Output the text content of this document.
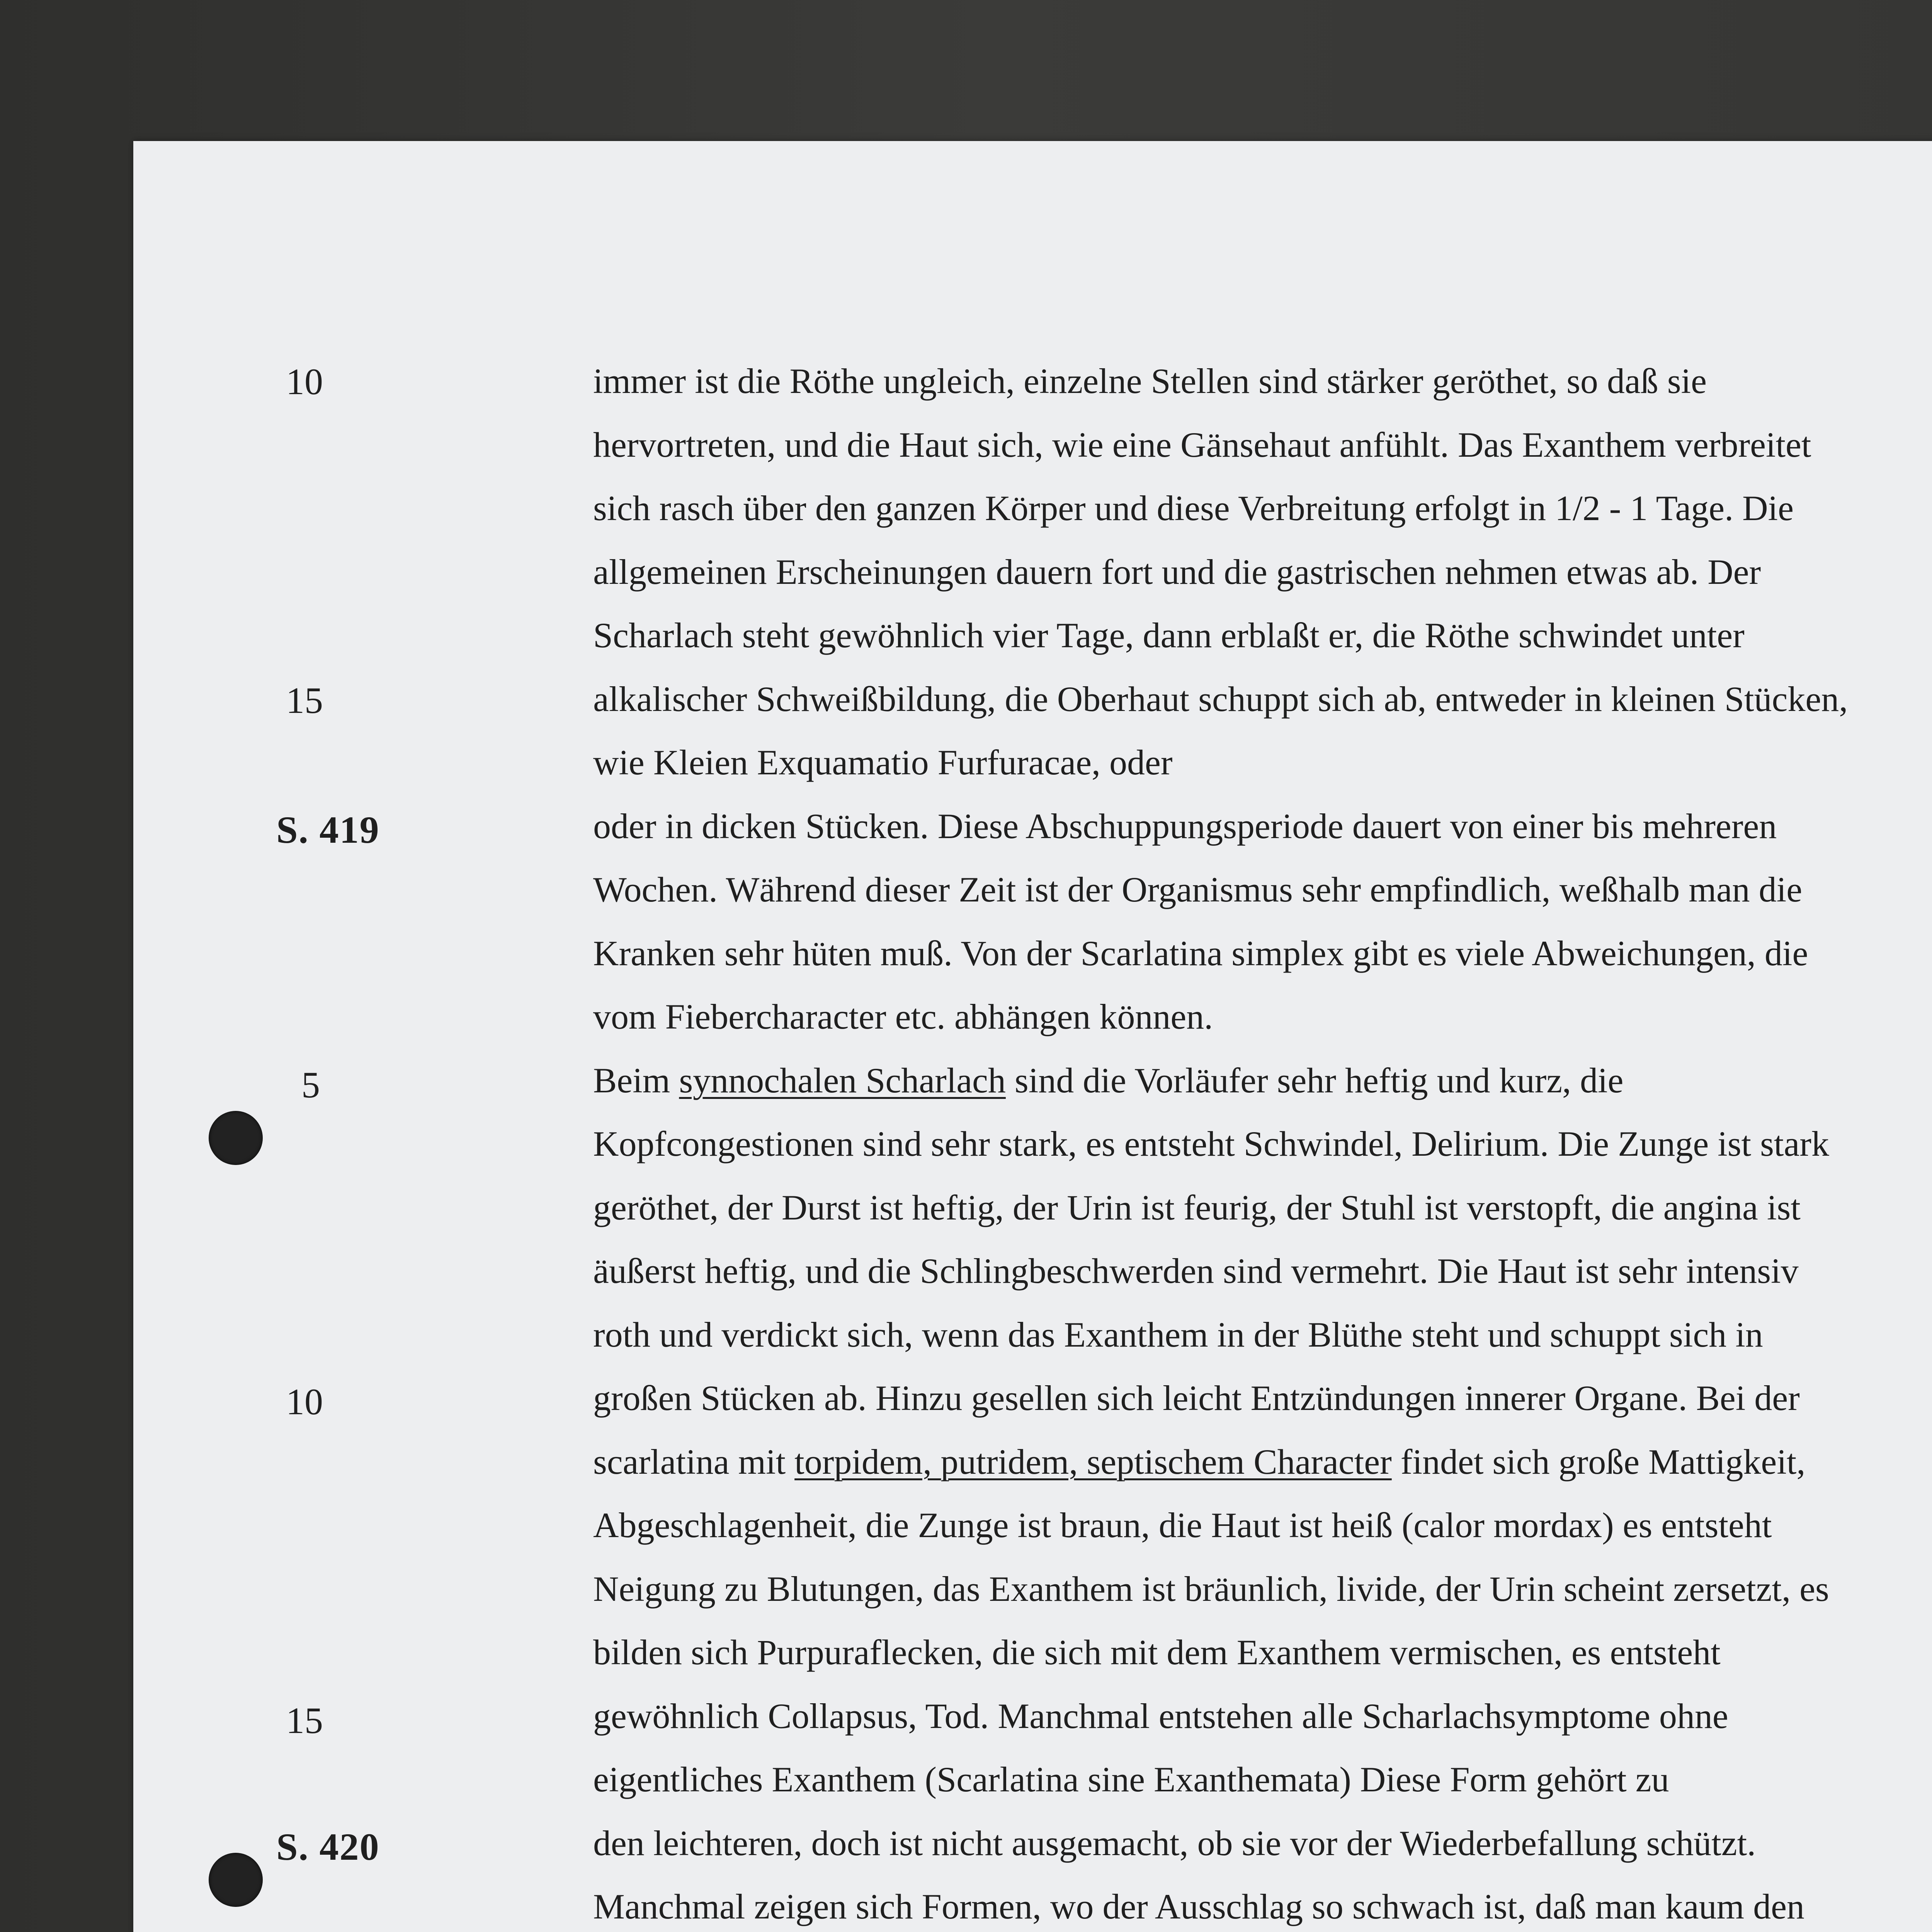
10
15
S. 419
5
10
15
S. 420
immer ist die Röthe ungleich, einzelne Stellen sind stärker geröthet, so daß sie
hervortreten, und die Haut sich, wie eine Gänsehaut anfühlt. Das Exanthem verbreitet
sich rasch über den ganzen Körper und diese Verbreitung erfolgt in 1/2 - 1 Tage. Die
allgemeinen Erscheinungen dauern fort und die gastrischen nehmen etwas ab. Der
Scharlach steht gewöhnlich vier Tage, dann erblaßt er, die Röthe schwindet unter
alkalischer Schweißbildung, die Oberhaut schuppt sich ab, entweder in kleinen Stücken,
wie Kleien Exquamatio Furfuracae, oder
oder in dicken Stücken. Diese Abschuppungsperiode dauert von einer bis mehreren
Wochen. Während dieser Zeit ist der Organismus sehr empfindlich, weßhalb man die
Kranken sehr hüten muß. Von der Scarlatina simplex gibt es viele Abweichungen, die
vom Fiebercharacter etc. abhängen können.
Beim synnochalen Scharlach sind die Vorläufer sehr heftig und kurz, die
Kopfcongestionen sind sehr stark, es entsteht Schwindel, Delirium. Die Zunge ist stark
geröthet, der Durst ist heftig, der Urin ist feurig, der Stuhl ist verstopft, die angina ist
äußerst heftig, und die Schlingbeschwerden sind vermehrt. Die Haut ist sehr intensiv
roth und verdickt sich, wenn das Exanthem in der Blüthe steht und schuppt sich in
großen Stücken ab. Hinzu gesellen sich leicht Entzündungen innerer Organe. Bei der
scarlatina mit torpidem, putridem, septischem Character findet sich große Mattigkeit,
Abgeschlagenheit, die Zunge ist braun, die Haut ist heiß (calor mordax) es entsteht
Neigung zu Blutungen, das Exanthem ist bräunlich, livide, der Urin scheint zersetzt, es
bilden sich Purpuraflecken, die sich mit dem Exanthem vermischen, es entsteht
gewöhnlich Collapsus, Tod. Manchmal entstehen alle Scharlachsymptome ohne
eigentliches Exanthem (Scarlatina sine Exanthemata) Diese Form gehört zu
den leichteren, doch ist nicht ausgemacht, ob sie vor der Wiederbefallung schützt.
Manchmal zeigen sich Formen, wo der Ausschlag so schwach ist, daß man kaum den
